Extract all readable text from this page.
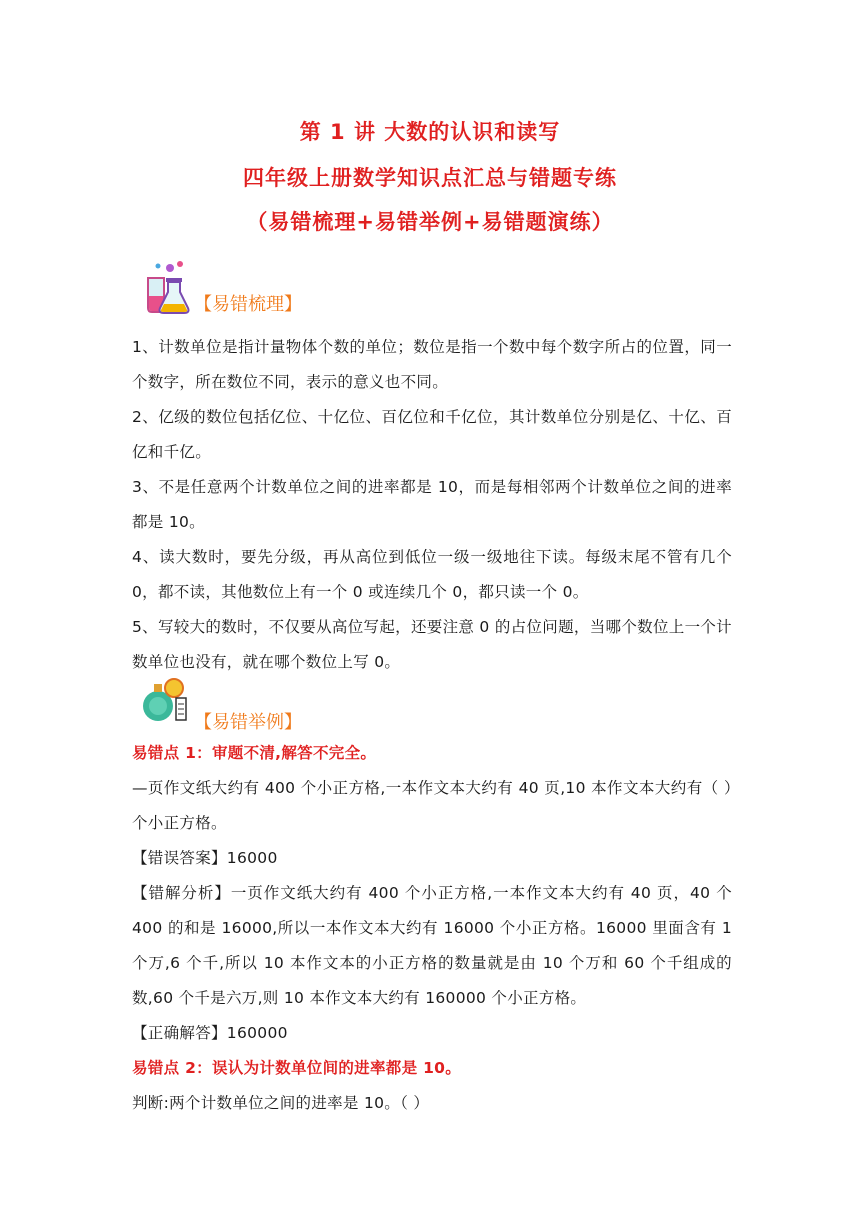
第 1 讲 大数的认识和读写
四年级上册数学知识点汇总与错题专练
（易错梳理+易错举例+易错题演练）
【易错梳理】
1、计数单位是指计量物体个数的单位；数位是指一个数中每个数字所占的位置，同一个数字，所在数位不同，表示的意义也不同。
2、亿级的数位包括亿位、十亿位、百亿位和千亿位，其计数单位分别是亿、十亿、百亿和千亿。
3、不是任意两个计数单位之间的进率都是 10，而是每相邻两个计数单位之间的进率都是 10。
4、读大数时，要先分级，再从高位到低位一级一级地往下读。每级末尾不管有几个 0，都不读，其他数位上有一个 0 或连续几个 0，都只读一个 0。
5、写较大的数时，不仅要从高位写起，还要注意 0 的占位问题，当哪个数位上一个计数单位也没有，就在哪个数位上写 0。
【易错举例】
易错点 1：审题不清,解答不完全。
—页作文纸大约有 400 个小正方格,一本作文本大约有 40 页,10 本作文本大约有（ ）个小正方格。
【错误答案】16000
【错解分析】一页作文纸大约有 400 个小正方格,一本作文本大约有 40 页，40 个 400 的和是 16000,所以一本作文本大约有 16000 个小正方格。16000 里面含有 1 个万,6 个千,所以 10 本作文本的小正方格的数量就是由 10 个万和 60 个千组成的数,60 个千是六万,则 10 本作文本大约有 160000 个小正方格。
【正确解答】160000
易错点 2：误认为计数单位间的进率都是 10。
判断:两个计数单位之间的进率是 10。（ ）
